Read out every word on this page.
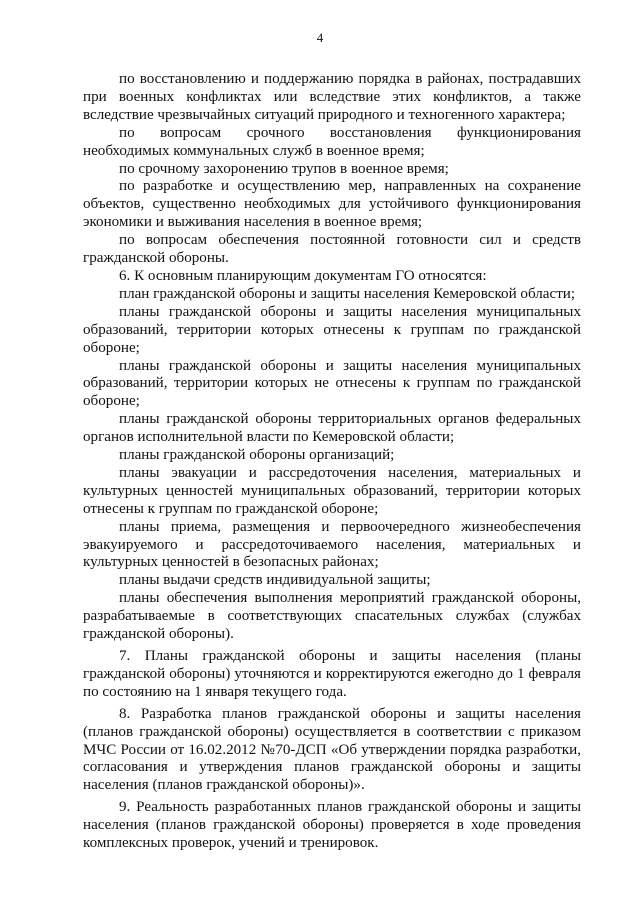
4

по восстановлению и поддержанию порядка в районах, пострадавших при военных конфликтах или вследствие этих конфликтов, а также вследствие чрезвычайных ситуаций природного и техногенного характера;

по вопросам срочного восстановления функционирования необходимых коммунальных служб в военное время;

по срочному захоронению трупов в военное время;

по разработке и осуществлению мер, направленных на сохранение объектов, существенно необходимых для устойчивого функционирования экономики и выживания населения в военное время;

по вопросам обеспечения постоянной готовности сил и средств гражданской обороны.

6. К основным планирующим документам ГО относятся:

план гражданской обороны и защиты населения Кемеровской области;

планы гражданской обороны и защиты населения муниципальных образований, территории которых отнесены к группам по гражданской обороне;

планы гражданской обороны и защиты населения муниципальных образований, территории которых не отнесены к группам по гражданской обороне;

планы гражданской обороны территориальных органов федеральных органов исполнительной власти по Кемеровской области;

планы гражданской обороны организаций;

планы эвакуации и рассредоточения населения, материальных и культурных ценностей муниципальных образований, территории которых отнесены к группам по гражданской обороне;

планы приема, размещения и первоочередного жизнеобеспечения эвакуируемого и рассредоточиваемого населения, материальных и культурных ценностей в безопасных районах;

планы выдачи средств индивидуальной защиты;

планы обеспечения выполнения мероприятий гражданской обороны, разрабатываемые в соответствующих спасательных службах (службах гражданской обороны).

7. Планы гражданской обороны и защиты населения (планы гражданской обороны) уточняются и корректируются ежегодно до 1 февраля по состоянию на 1 января текущего года.

8. Разработка планов гражданской обороны и защиты населения (планов гражданской обороны) осуществляется в соответствии с приказом МЧС России от 16.02.2012 №70-ДСП «Об утверждении порядка разработки, согласования и утверждения планов гражданской обороны и защиты населения (планов гражданской обороны)».

9. Реальность разработанных планов гражданской обороны и защиты населения (планов гражданской обороны) проверяется в ходе проведения комплексных проверок, учений и тренировок.
